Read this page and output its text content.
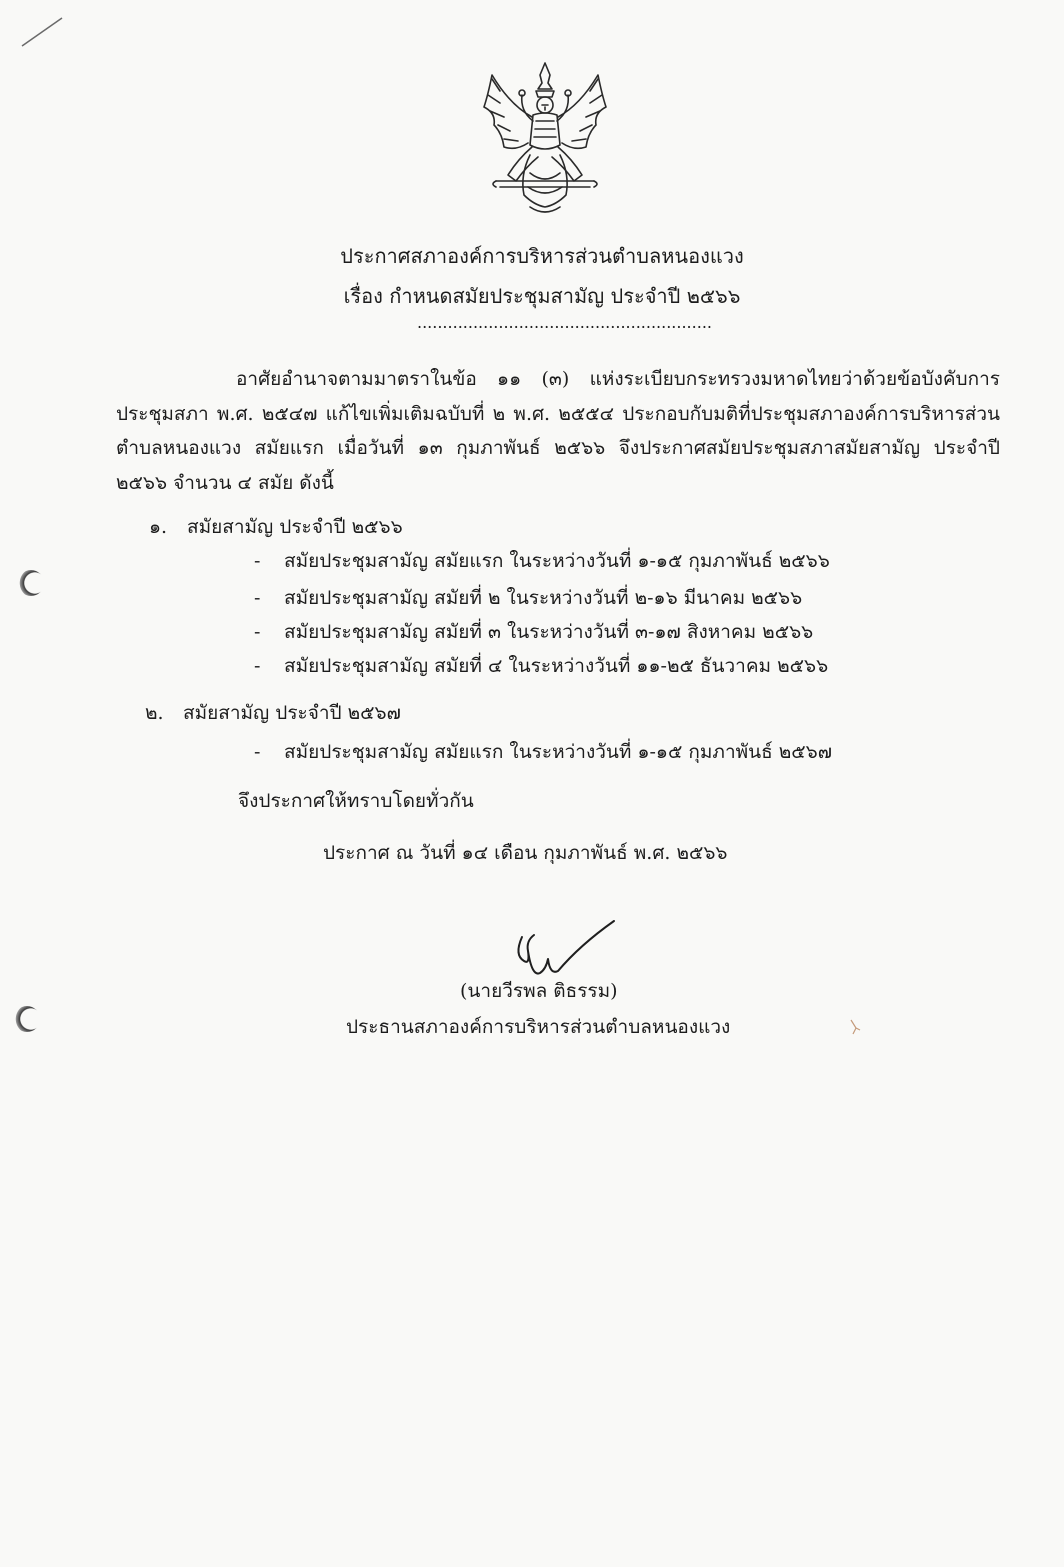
ประกาศสภาองค์การบริหารส่วนตำบลหนองแวง
เรื่อง กำหนดสมัยประชุมสามัญ ประจำปี ๒๕๖๖
..........................................................
อาศัยอำนาจตามมาตราในข้อ ๑๑ (๓) แห่งระเบียบกระทรวงมหาดไทยว่าด้วยข้อบังคับการประชุมสภา พ.ศ. ๒๕๔๗ แก้ไขเพิ่มเติมฉบับที่ ๒ พ.ศ. ๒๕๕๔ ประกอบกับมติที่ประชุมสภาองค์การบริหารส่วนตำบลหนองแวง สมัยแรก เมื่อวันที่ ๑๓ กุมภาพันธ์ ๒๕๖๖ จึงประกาศสมัยประชุมสภาสมัยสามัญ ประจำปี ๒๕๖๖ จำนวน ๔ สมัย ดังนี้
๑. สมัยสามัญ ประจำปี ๒๕๖๖
- สมัยประชุมสามัญ สมัยแรก ในระหว่างวันที่ ๑-๑๕ กุมภาพันธ์ ๒๕๖๖
- สมัยประชุมสามัญ สมัยที่ ๒ ในระหว่างวันที่ ๒-๑๖ มีนาคม ๒๕๖๖
- สมัยประชุมสามัญ สมัยที่ ๓ ในระหว่างวันที่ ๓-๑๗ สิงหาคม ๒๕๖๖
- สมัยประชุมสามัญ สมัยที่ ๔ ในระหว่างวันที่ ๑๑-๒๕ ธันวาคม ๒๕๖๖
๒. สมัยสามัญ ประจำปี ๒๕๖๗
- สมัยประชุมสามัญ สมัยแรก ในระหว่างวันที่ ๑-๑๕ กุมภาพันธ์ ๒๕๖๗
จึงประกาศให้ทราบโดยทั่วกัน
ประกาศ ณ วันที่ ๑๔ เดือน กุมภาพันธ์ พ.ศ. ๒๕๖๖
(นายวีรพล ติธรรม)
ประธานสภาองค์การบริหารส่วนตำบลหนองแวง
